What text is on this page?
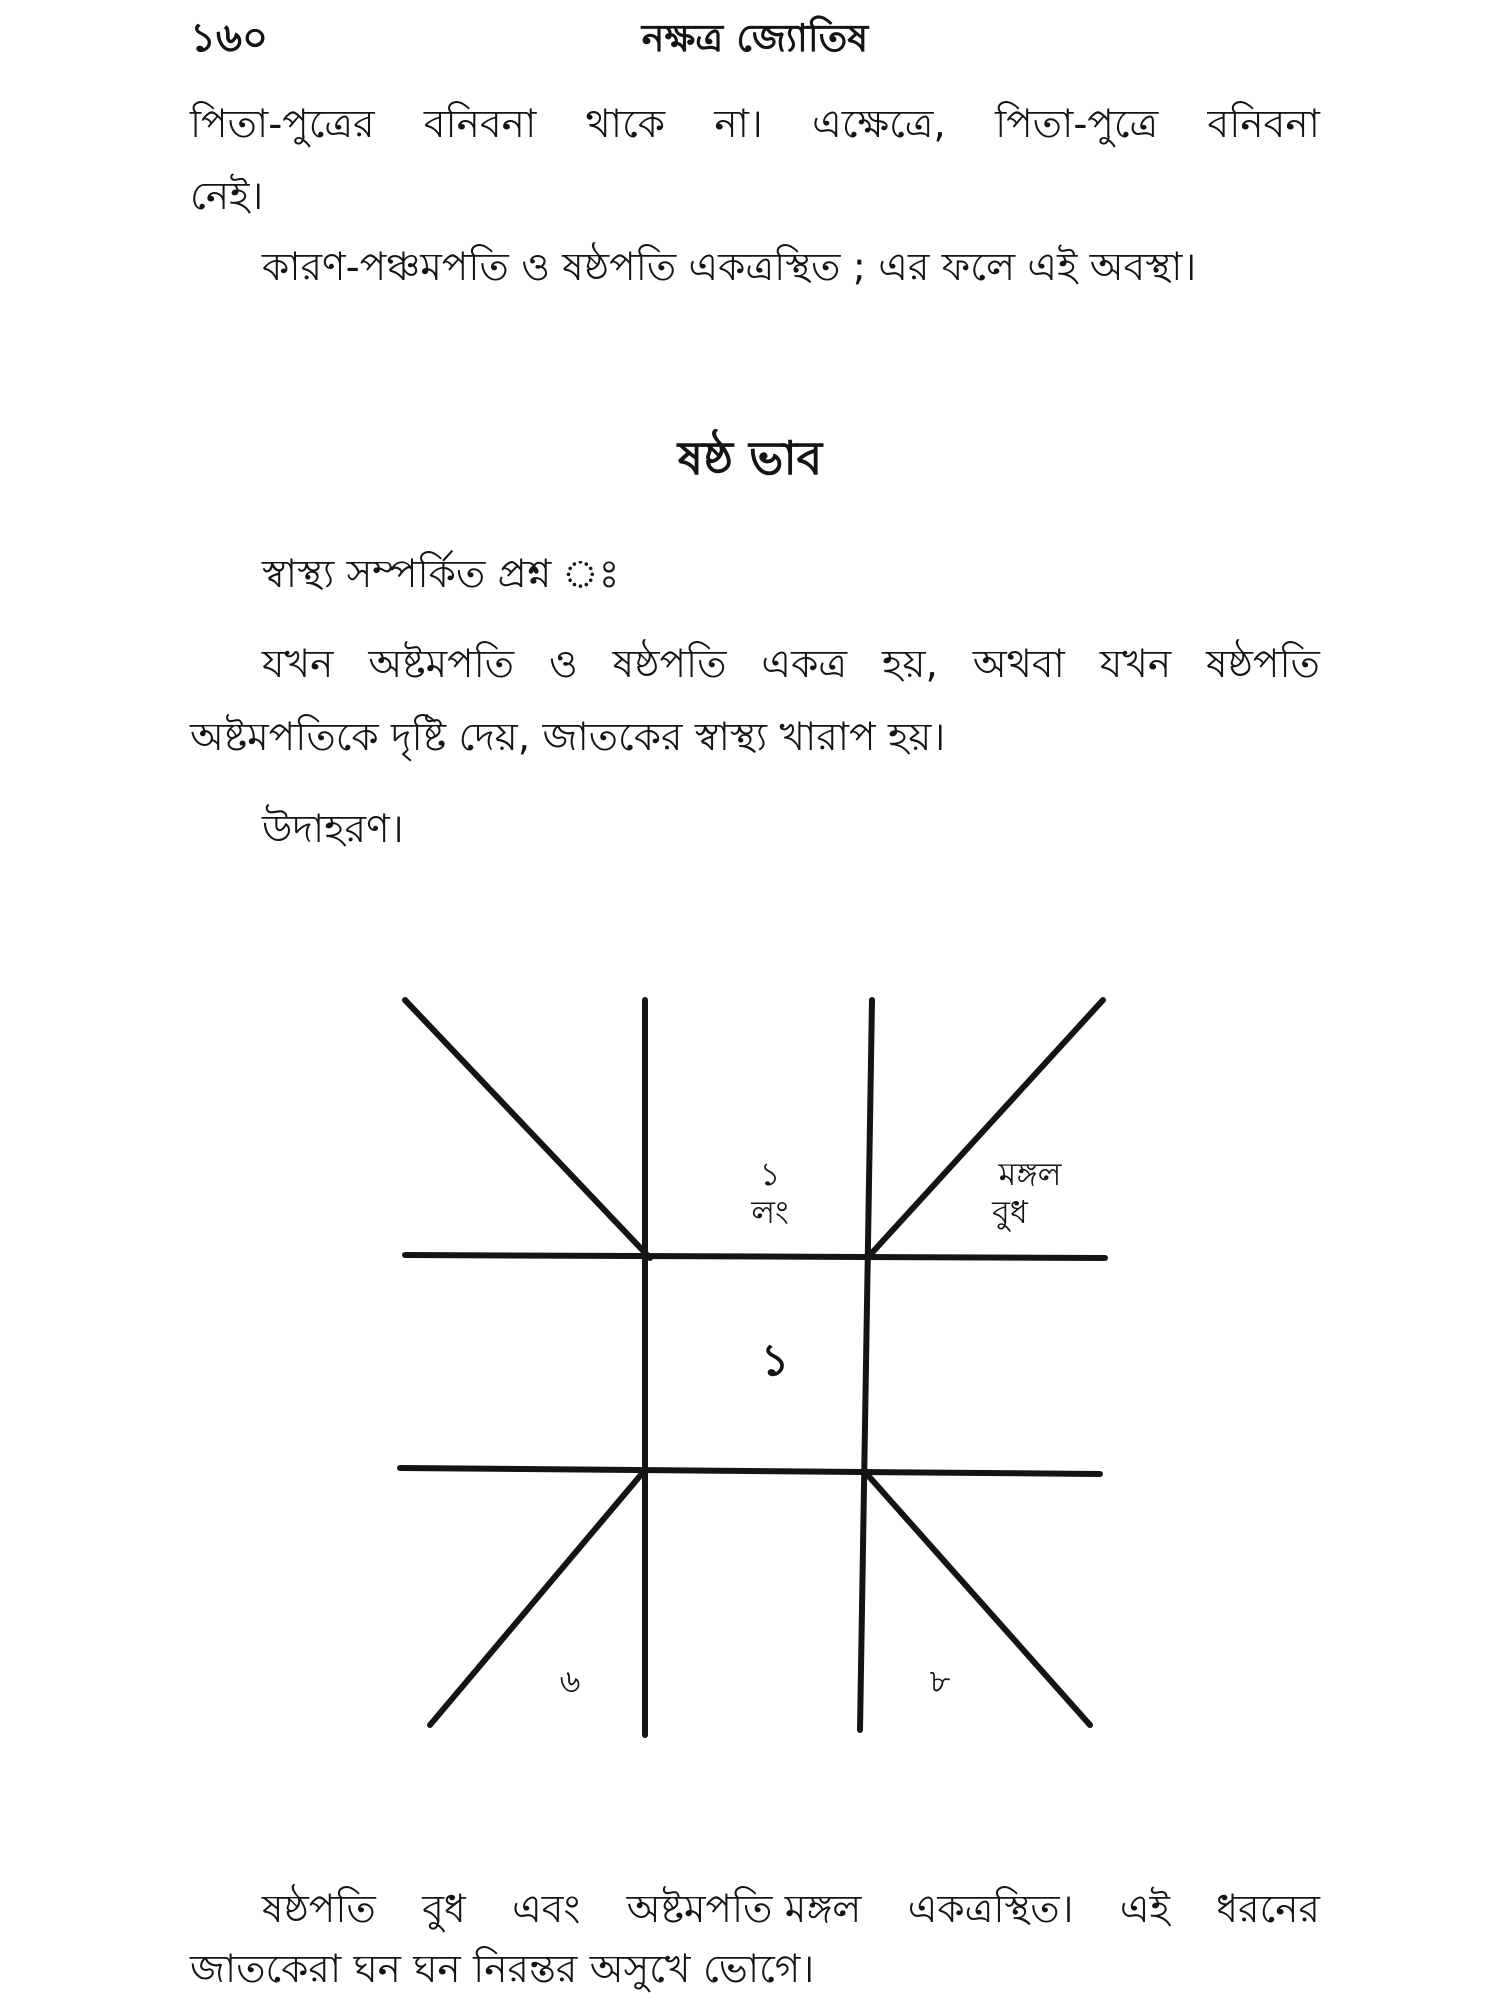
১৬০	নক্ষত্র জ্যোতিষ
পিতা-পুত্রের বনিবনা থাকে না। এক্ষেত্রে, পিতা-পুত্রে বনিবনা
নেই।
কারণ-পঞ্চমপতি ও ষষ্ঠপতি একত্রস্থিত ; এর ফলে এই অবস্থা।
ষষ্ঠ ভাব
স্বাস্থ্য সম্পর্কিত প্রশ্ন ঃ
যখন অষ্টমপতি ও ষষ্ঠপতি একত্র হয়, অথবা যখন ষষ্ঠপতি
অষ্টমপতিকে দৃষ্টি দেয়, জাতকের স্বাস্থ্য খারাপ হয়।
উদাহরণ।
১
লং
মঙ্গল
বুধ
১
৬	৮
ষষ্ঠপতি বুধ এবং অষ্টমপতি মঙ্গল একত্রস্থিত। এই ধরনের
জাতকেরা ঘন ঘন নিরন্তর অসুখে ভোগে।
